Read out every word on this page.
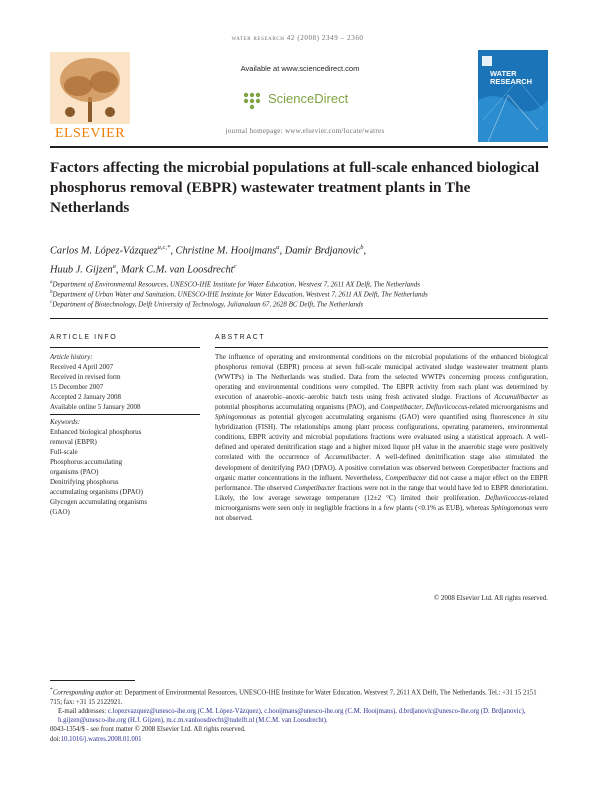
water research 42 (2008) 2349 – 2360
ELSEVIER
Available at www.sciencedirect.com
ScienceDirect
journal homepage: www.elsevier.com/locate/watres
WATER
RESEARCH
Factors affecting the microbial populations at full-scale enhanced biological phosphorus removal (EBPR) wastewater treatment plants in The Netherlands
Carlos M. López-Vázquez$^{a,c,*}$, Christine M. Hooijmans$^a$, Damir Brdjanovic$^b$,
Huub J. Gijzen$^a$, Mark C.M. van Loosdrecht$^c$
$^a$Department of Environmental Resources, UNESCO-IHE Institute for Water Education, Westvest 7, 2611 AX Delft, The Netherlands
$^b$Department of Urban Water and Sanitation, UNESCO-IHE Institute for Water Education, Westvest 7, 2611 AX Delft, The Netherlands
$^c$Department of Biotechnology, Delft University of Technology, Julianalaan 67, 2628 BC Delft, The Netherlands
ARTICLE INFO	ABSTRACT
Article history:
Received 4 April 2007
Received in revised form
15 December 2007
Accepted 2 January 2008
Available online 5 January 2008
Keywords:
Enhanced biological phosphorus
removal (EBPR)
Full-scale
Phosphorus accumulating
organisms (PAO)
Denitrifying phosphorus
accumulating organisms (DPAO)
Glycogen accumulating organisms
(GAO)
The influence of operating and environmental conditions on the microbial populations of the enhanced biological phosphorus removal (EBPR) process at seven full-scale municipal activated sludge wastewater treatment plants (WWTPs) in The Netherlands was studied. Data from the selected WWTPs concerning process configuration, operating and environmental conditions were compiled. The EBPR activity from each plant was determined by execution of anaerobic–anoxic–aerobic batch tests using fresh activated sludge. Fractions of Accumulibacter as potential phosphorus accumulating organisms (PAO), and Competibacter, Defluviicoccus-related microorganisms and Sphingomonas as potential glycogen accumulating organisms (GAO) were quantified using fluorescence in situ hybridization (FISH). The relationships among plant process configurations, operating parameters, environmental conditions, EBPR activity and microbial populations fractions were evaluated using a statistical approach. A well-defined and operated denitrification stage and a higher mixed liquor pH value in the anaerobic stage were positively correlated with the occurrence of Accumulibacter. A well-defined denitrification stage also stimulated the development of denitrifying PAO (DPAO). A positive correlation was observed between Competibacter fractions and organic matter concentrations in the influent. Nevertheless, Competibacter did not cause a major effect on the EBPR performance. The observed Competibacter fractions were not in the range that would have led to EBPR deterioration. Likely, the low average sewerage temperature (12±2 °C) limited their proliferation. Defluviicoccus-related microorganisms were seen only in negligible fractions in a few plants (<0.1% as EUB), whereas Sphingomonas were not observed.
© 2008 Elsevier Ltd. All rights reserved.
*Corresponding author at: Department of Environmental Resources, UNESCO-IHE Institute for Water Education, Westvest 7, 2611 AX Delft, The Netherlands. Tel.: +31 15 2151 715; fax: +31 15 2122921.
E-mail addresses: c.lopezvazquez@unesco-ihe.org (C.M. López-Vázquez), c.hooijmans@unesco-ihe.org (C.M. Hooijmans), d.brdjanovic@unesco-ihe.org (D. Brdjanovic), h.gijzen@unesco-ihe.org (H.J. Gijzen), m.c.m.vanloosdrecht@tudelft.nl (M.C.M. van Loosdrecht).
0043-1354/$ - see front matter © 2008 Elsevier Ltd. All rights reserved.
doi:10.1016/j.watres.2008.01.001
